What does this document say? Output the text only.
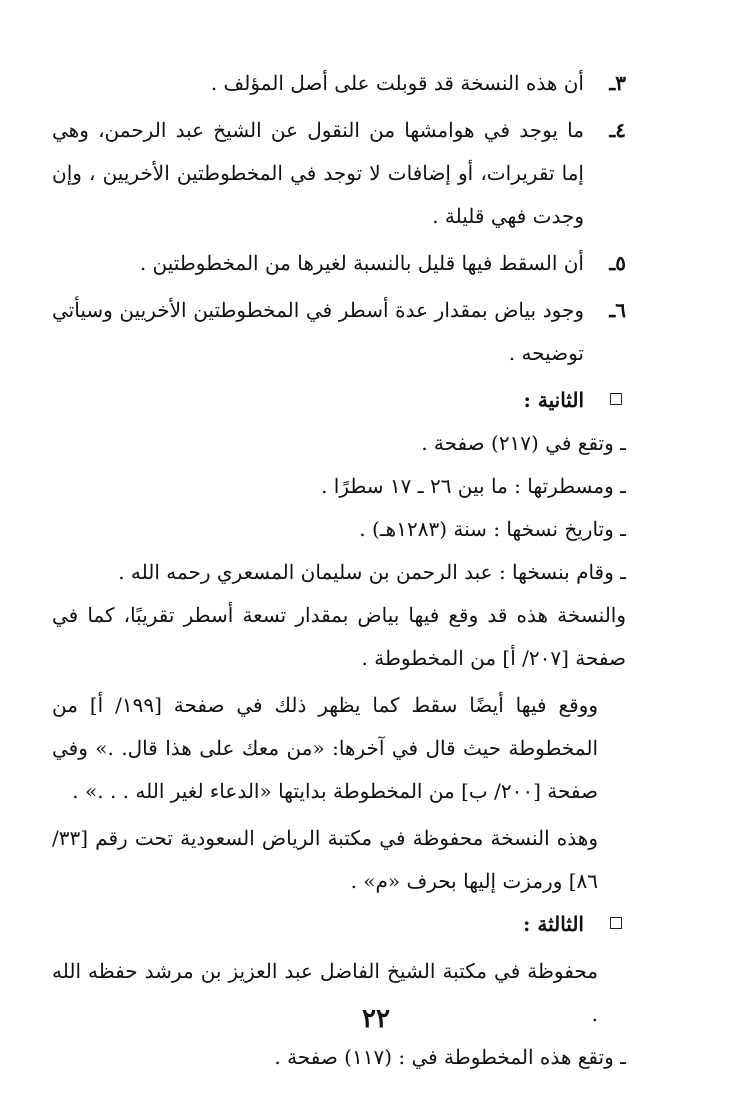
٣ـ
أن هذه النسخة قد قوبلت على أصل المؤلف .

٤ـ
ما يوجد في هوامشها من النقول عن الشيخ عبد الرحمن، وهي إما تقريرات، أو إضافات لا توجد في المخطوطتين الأخريين ، وإن وجدت فهي قليلة .

٥ـ
أن السقط فيها قليل بالنسبة لغيرها من المخطوطتين .

٦ـ
وجود بياض بمقدار عدة أسطر في المخطوطتين الأخريين وسيأتي توضيحه .

الثانية :

ـ وتقع في (٢١٧) صفحة .

ـ ومسطرتها : ما بين ٢٦ ـ ١٧ سطرًا .

ـ وتاريخ نسخها : سنة (١٢٨٣هـ) .

ـ وقام بنسخها : عبد الرحمن بن سليمان المسعري رحمه الله .

والنسخة هذه قد وقع فيها بياض بمقدار تسعة أسطر تقريبًا، كما في صفحة [٢٠٧/ أ] من المخطوطة .

ووقع فيها أيضًا سقط كما يظهر ذلك في صفحة [١٩٩/ أ] من المخطوطة حيث قال في آخرها: «من معك على هذا قال. .» وفي صفحة [٢٠٠/ ب] من المخطوطة بدايتها «الدعاء لغير الله . . .» .

وهذه النسخة محفوظة في مكتبة الرياض السعودية تحت رقم [٣٣/ ٨٦] ورمزت إليها بحرف «م» .

الثالثة :

محفوظة في مكتبة الشيخ الفاضل عبد العزيز بن مرشد حفظه الله .

ـ وتقع هذه المخطوطة في : (١١٧) صفحة .

٢٢
